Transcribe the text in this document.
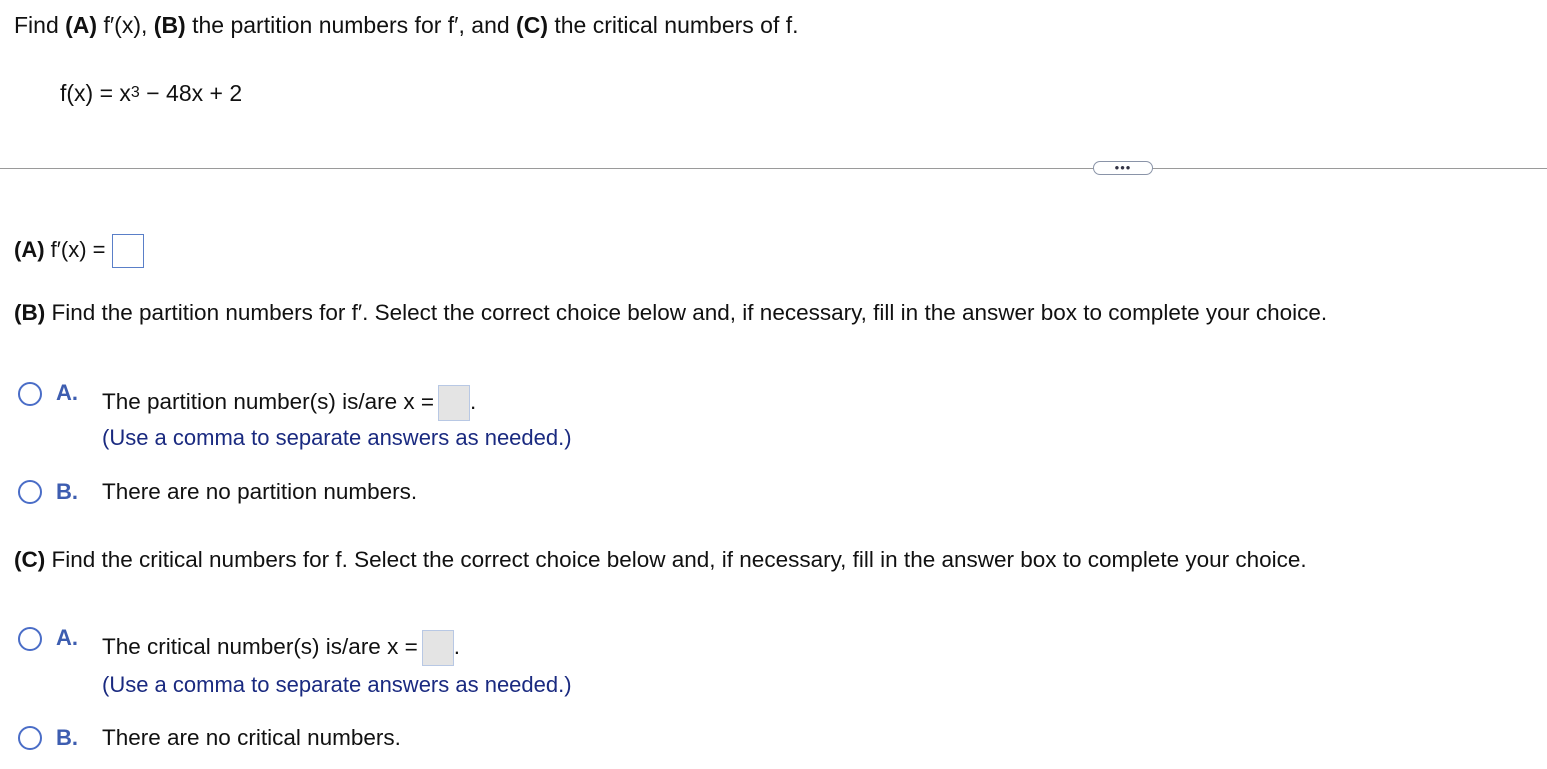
Find (A) f′(x), (B) the partition numbers for f′, and (C) the critical numbers of f.
$f(x) = x^3 - 48x + 2$
•••
(A) f′(x) =
(B) Find the partition numbers for f′. Select the correct choice below and, if necessary, fill in the answer box to complete your choice.
A. The partition number(s) is/are x = .
(Use a comma to separate answers as needed.)
B. There are no partition numbers.
(C) Find the critical numbers for f. Select the correct choice below and, if necessary, fill in the answer box to complete your choice.
A. The critical number(s) is/are x = .
(Use a comma to separate answers as needed.)
B. There are no critical numbers.
